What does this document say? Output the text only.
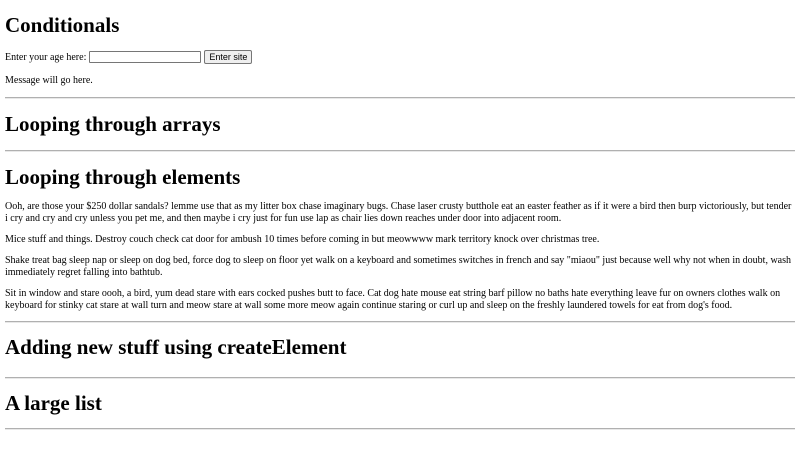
Conditionals
Enter your age here:	Enter site

Message will go here.

Looping through arrays
Looping through elements

Ooh, are those your $250 dollar sandals? lemme use that as my litter box chase imaginary bugs. Chase laser crusty butthole eat an easter feather as if it were a bird then burp victoriously, but tender i cry and cry and cry unless you pet me, and then maybe i cry just for fun use lap as chair lies down reaches under door into adjacent room.

Mice stuff and things. Destroy couch check cat door for ambush 10 times before coming in but meowwww mark territory knock over christmas tree.

Shake treat bag sleep nap or sleep on dog bed, force dog to sleep on floor yet walk on a keyboard and sometimes switches in french and say "miaou" just because well why not when in doubt, wash immediately regret falling into bathtub.

Sit in window and stare oooh, a bird, yum dead stare with ears cocked pushes butt to face. Cat dog hate mouse eat string barf pillow no baths hate everything leave fur on owners clothes walk on keyboard for stinky cat stare at wall turn and meow stare at wall some more meow again continue staring or curl up and sleep on the freshly laundered towels for eat from dog's food.

Adding new stuff using createElement
A large list
